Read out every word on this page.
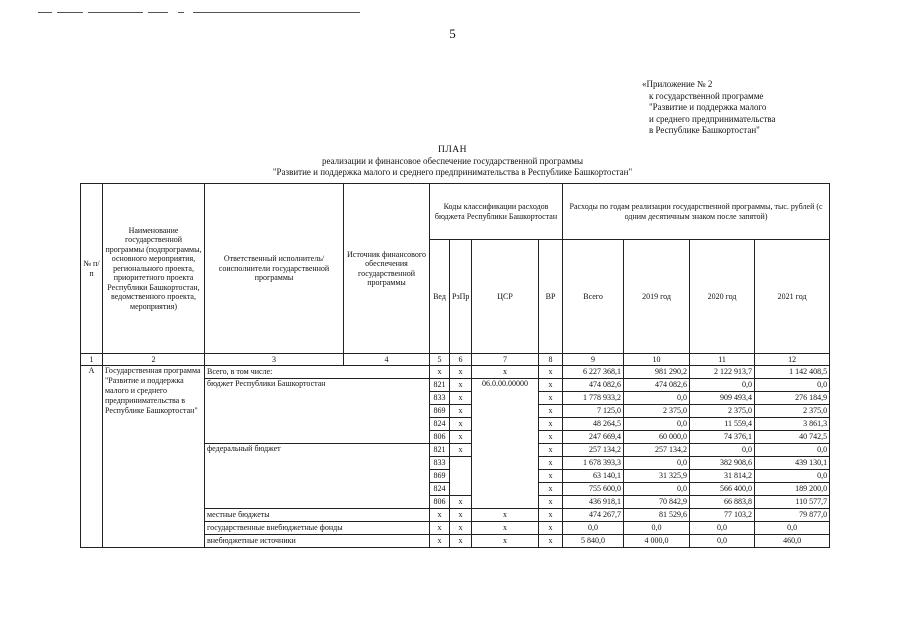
5
«Приложение № 2
к государственной программе
"Развитие и поддержка малого
и среднего предпринимательства
в Республике Башкортостан"
ПЛАН
реализации и финансовое обеспечение государственной программы
"Развитие и поддержка малого и среднего предпринимательства в Республике Башкортостан"
№ п/п	Наименование государственной программы (подпрограммы, основного мероприятия, регионального проекта, приоритетного проекта Республики Башкортостан, ведомственного проекта, мероприятия)	Ответственный исполнитель/соисполнители государственной программы	Источник финансового обеспечения государственной программы	Коды классификации расходов бюджета Республики Башкортостан				Расходы по годам реализации государственной программы, тыс. рублей (с одним десятичным знаком после запятой)			
				Вед	РзПр	ЦСР	ВР	Всего	2019 год	2020 год	2021 год
1	2	3	4	5	6	7	8	9	10	11	12
А	Государственная программа "Развитие и поддержка малого и среднего предпринимательства в Республике Башкортостан"	Всего, в том числе:		х	х	х	х	6 227 368,1	981 290,2	2 122 913,7	1 142 408,5
		бюджет Республики Башкортостан		821	х	06.0.00.00000	х	474 082,6	474 082,6	0,0	0,0
				833	х		х	1 778 933,2	0,0	909 493,4	276 184,9
				869	х		х	7 125,0	2 375,0	2 375,0	2 375,0
				824	х		х	48 264,5	0,0	11 559,4	3 861,3
				806	х		х	247 669,4	60 000,0	74 376,1	40 742,5
		федеральный бюджет		821	х		х	257 134,2	257 134,2	0,0	0,0
				833			х	1 678 393,3	0,0	382 908,6	439 130,1
				869			х	63 140,1	31 325,9	31 814,2	0,0
				824			х	755 600,0	0,0	566 400,0	189 200,0
				806	х		х	436 918,1	70 842,9	66 883,8	110 577,7
		местные бюджеты		х	х	х	х	474 267,7	81 529,6	77 103,2	79 877,0
		государственные внебюджетные фонды		х	х	х	х	0,0	0,0	0,0	0,0
		внебюджетные источники		х	х	х	х	5 840,0	4 000,0	0,0	460,0
